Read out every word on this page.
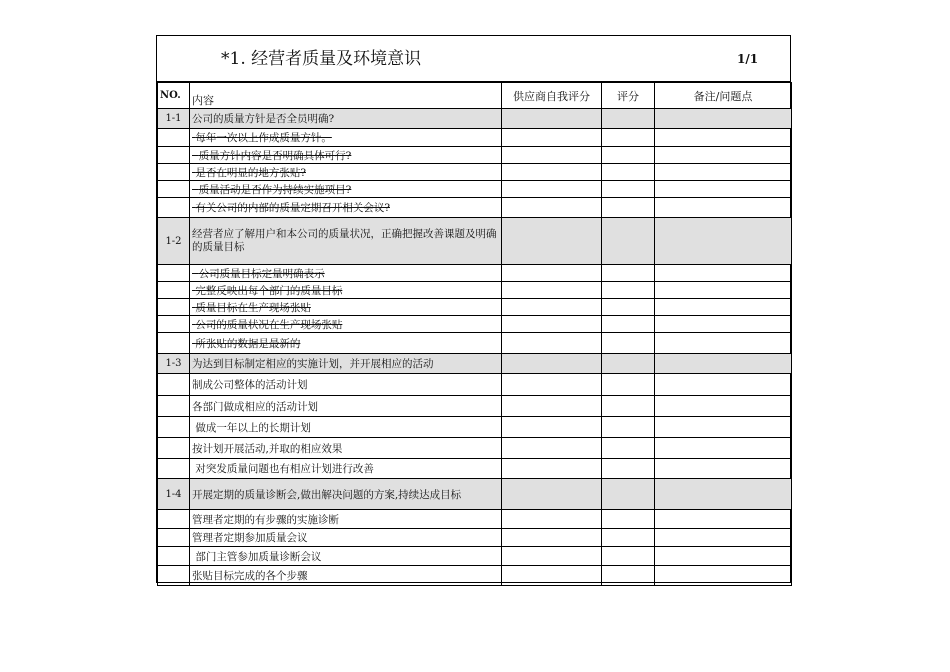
*1. 经营者质量及环境意识	1/1
NO.	内容	供应商自我评分	评分	备注/问题点
1-1	公司的质量方针是否全员明确?			
	每年一次以上作成质量方针。			
	质量方针内容是否明确具体可行?			
	是否在明显的地方张贴?			
	质量活动是否作为持续实施项目?			
	有关公司的内部的质量定期召开相关会议?			
1-2	经营者应了解用户和本公司的质量状况，正确把握改善课题及明确的质量目标			
	公司质量目标定量明确表示			
	完整反映出每个部门的质量目标			
	质量目标在生产现场张贴			
	公司的质量状况在生产现场张贴			
	所张贴的数据是最新的			
1-3	为达到目标制定相应的实施计划，并开展相应的活动			
	制成公司整体的活动计划			
	各部门做成相应的活动计划			
	做成一年以上的长期计划			
	按计划开展活动,并取的相应效果			
	对突发质量问题也有相应计划进行改善			
1-4	开展定期的质量诊断会,做出解决问题的方案,持续达成目标			
	管理者定期的有步骤的实施诊断			
	管理者定期参加质量会议			
	部门主管参加质量诊断会议			
	张贴目标完成的各个步骤			
